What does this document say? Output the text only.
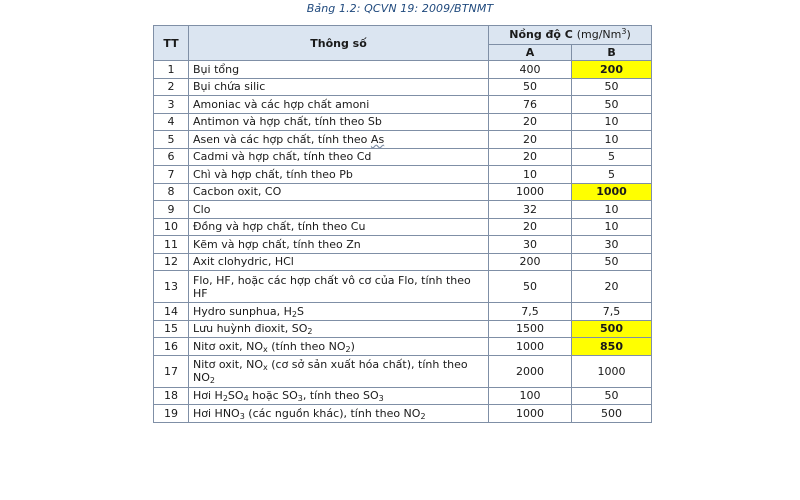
Bảng 1.2: QCVN 19: 2009/BTNMT
TT	Thông số	Nồng độ C (mg/Nm$^3$)	
		A	B
1	Bụi tổng	400	200
2	Bụi chứa silic	50	50
3	Amoniac và các hợp chất amoni	76	50
4	Antimon và hợp chất, tính theo Sb	20	10
5	Asen và các hợp chất, tính theo As	20	10
6	Cadmi và hợp chất, tính theo Cd	20	5
7	Chì và hợp chất, tính theo Pb	10	5
8	Cacbon oxit, CO	1000	1000
9	Clo	32	10
10	Đồng và hợp chất, tính theo Cu	20	10
11	Kẽm và hợp chất, tính theo Zn	30	30
12	Axit clohydric, HCl	200	50
13	Flo, HF, hoặc các hợp chất vô cơ của Flo, tính theo HF	50	20
14	Hydro sunphua, $H_2S$	7,5	7,5
15	Lưu huỳnh đioxit, $SO_2$	1500	500
16	Nitơ oxit, $NO_x$ (tính theo $NO_2$)	1000	850
17	Nitơ oxit, $NO_x$ (cơ sở sản xuất hóa chất), tính theo $NO_2$	2000	1000
18	Hơi $H_2SO_4$ hoặc $SO_3$, tính theo $SO_3$	100	50
19	Hơi $HNO_3$ (các nguồn khác), tính theo $NO_2$	1000	500
